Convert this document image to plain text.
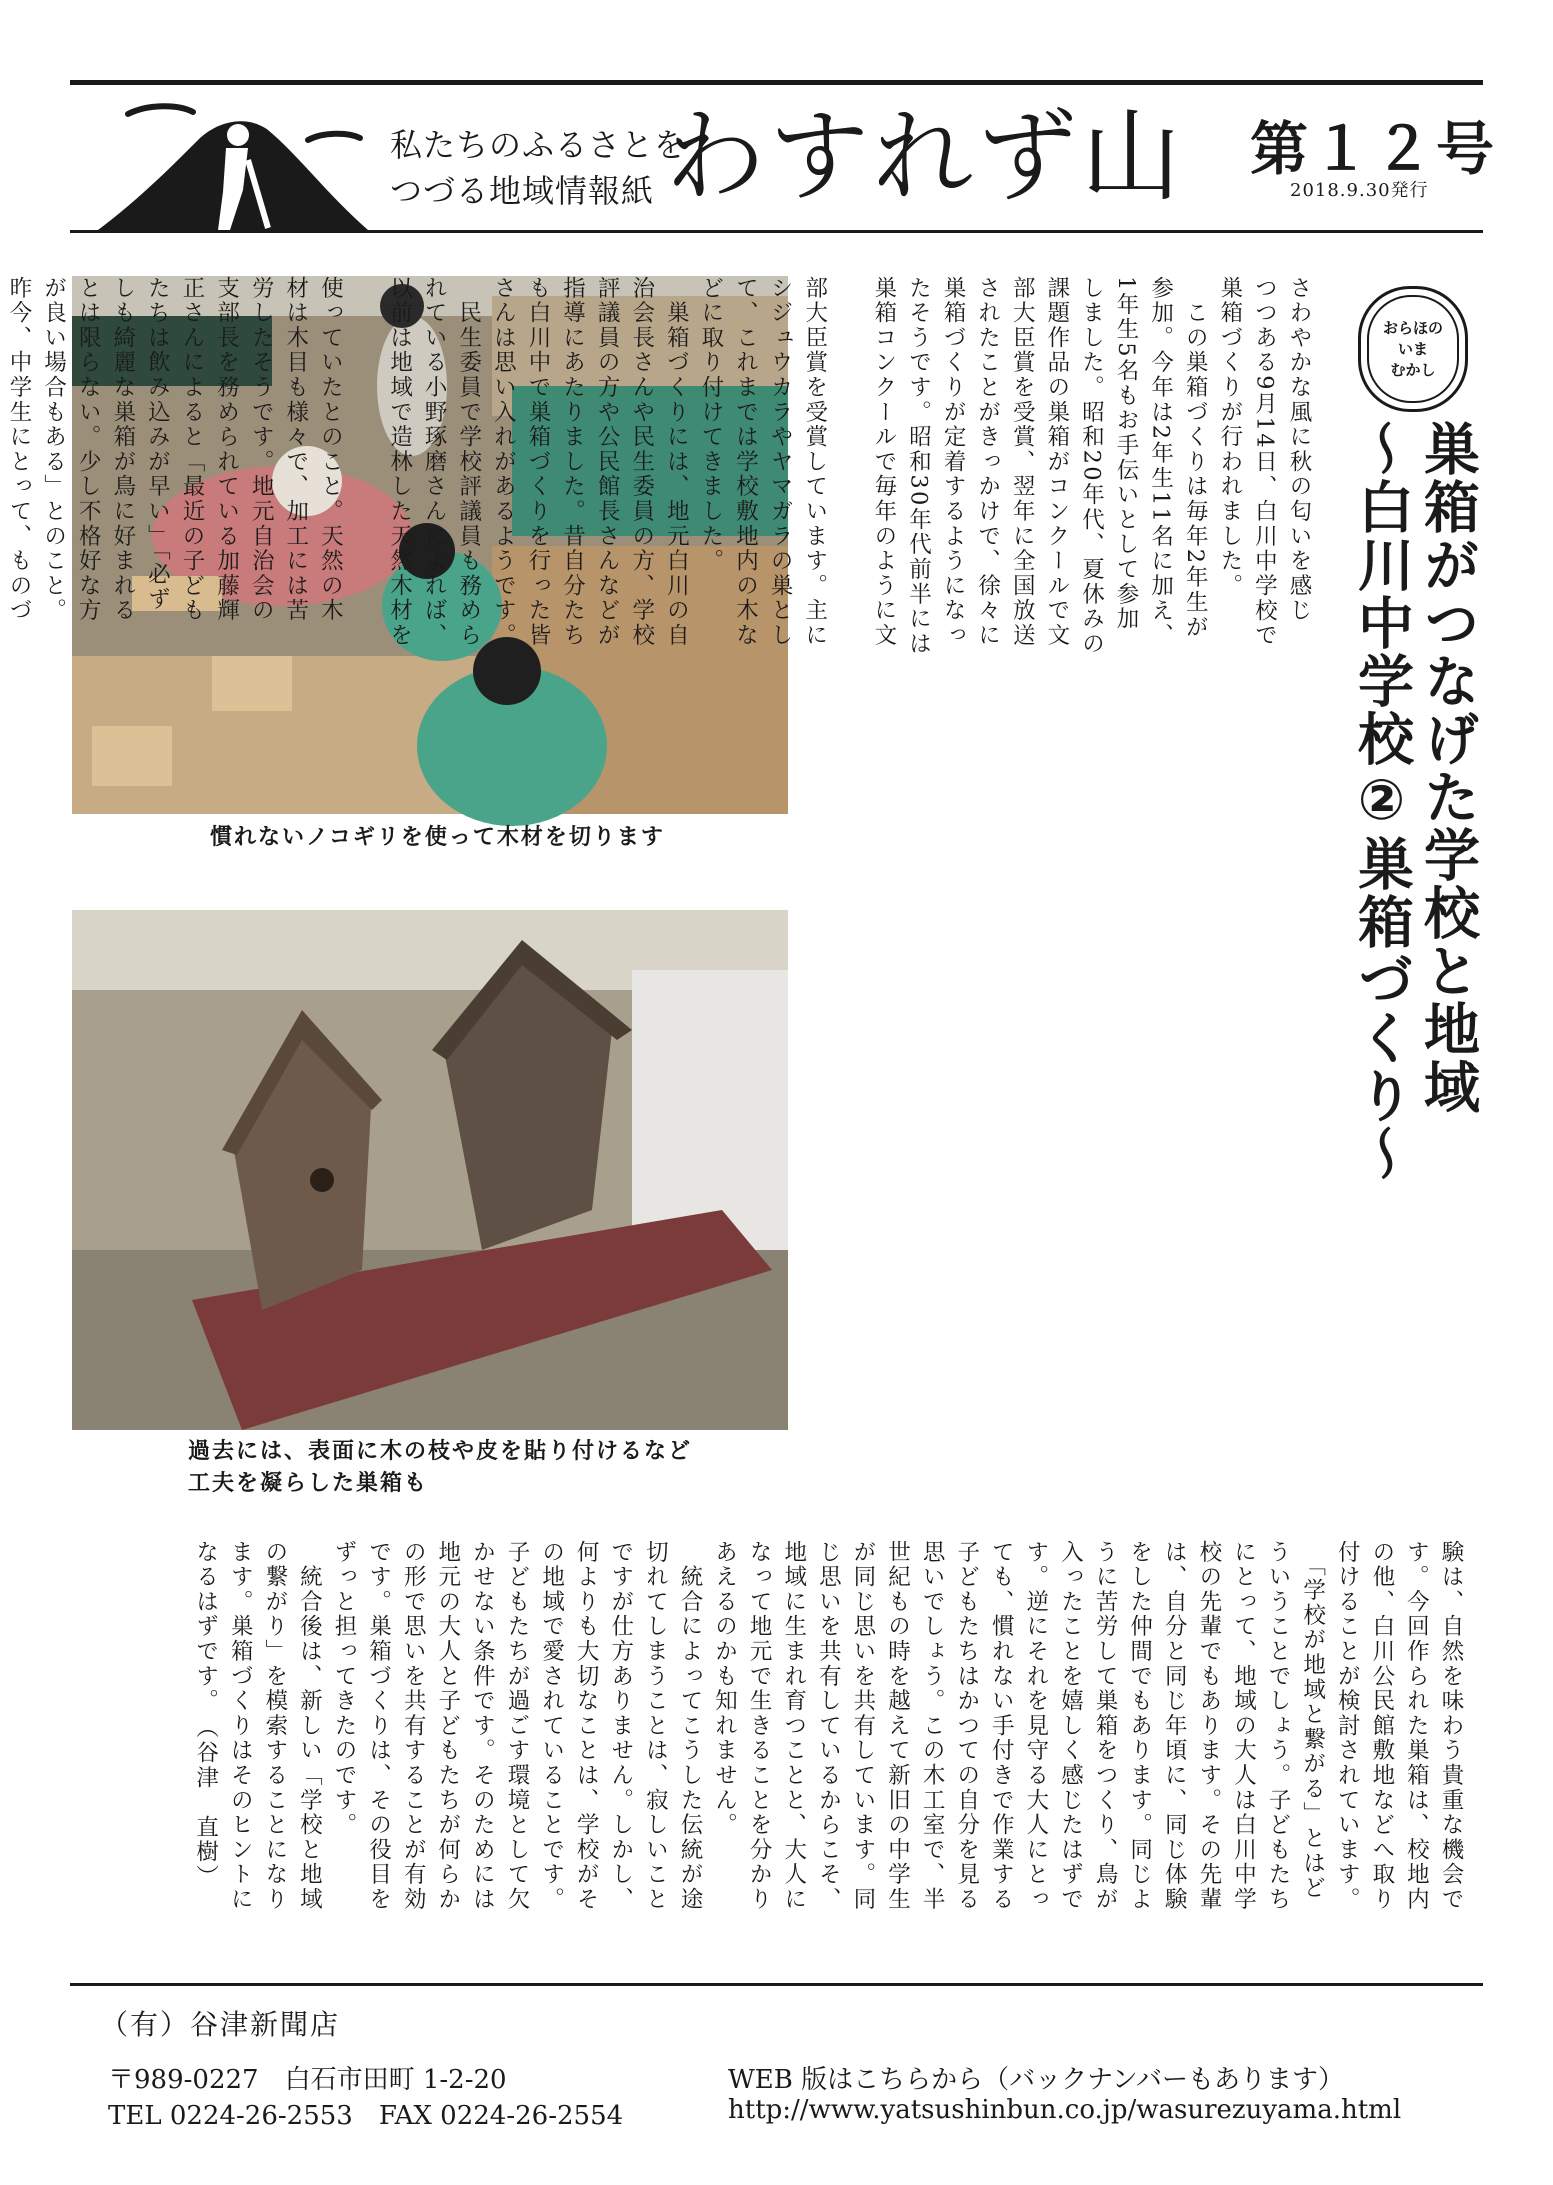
私たちのふるさとを
つづる地域情報紙 わすれず山 第１２号
2018.9.30発行
慣れないノコギリを使って木材を切ります
過去には、表面に木の枝や皮を貼り付けるなど
工夫を凝らした巣箱も
さわやかな風に秋の匂いを感じ
つつある9月14日、白川中学校で
巣箱づくりが行われました。
　この巣箱づくりは毎年2年生が
参加。今年は2年生11名に加え、
1年生5名もお手伝いとして参加
しました。昭和20年代、夏休みの
課題作品の巣箱がコンクールで文
部大臣賞を受賞、翌年に全国放送
されたことがきっかけで、徐々に
巣箱づくりが定着するようになっ
たそうです。昭和30年代前半には
巣箱コンクールで毎年のように文

部大臣賞を受賞しています。主に
シジュウカラやヤマガラの巣とし
て、これまでは学校敷地内の木な
どに取り付けてきました。
　巣箱づくりには、地元白川の自
治会長さんや民生委員の方、学校
評議員の方や公民館長さんなどが
指導にあたりました。昔自分たち
も白川中で巣箱づくりを行った皆
さんは思い入れがあるようです。
　民生委員で学校評議員も務めら
れている小野琢磨さんによれば、
以前は地域で造林した天然木材を

使っていたとのこと。天然の木
材は木目も様々で、加工には苦
労したそうです。地元自治会の
支部長を務められている加藤輝
正さんによると「最近の子ども
たちは飲み込みが早い」「必ず
しも綺麗な巣箱が鳥に好まれる
とは限らない。少し不格好な方
が良い場合もある」とのこと。
昨今、中学生にとって、ものづ	おらほの
いま
むかし
巣箱がつなげた学校と地域
～白川中学校②巣箱づくり～
験は、自然を味わう貴重な機会で
す。今回作られた巣箱は、校地内
の他、白川公民館敷地などへ取り
付けることが検討されています。
　「学校が地域と繋がる」とはど
ういうことでしょう。子どもたち
にとって、地域の大人は白川中学
校の先輩でもあります。その先輩
は、自分と同じ年頃に、同じ体験
をした仲間でもあります。同じよ
うに苦労して巣箱をつくり、鳥が
入ったことを嬉しく感じたはずで
す。逆にそれを見守る大人にとっ
ても、慣れない手付きで作業する
子どもたちはかつての自分を見る
思いでしょう。この木工室で、半
世紀もの時を越えて新旧の中学生
が同じ思いを共有しています。同
じ思いを共有しているからこそ、
地域に生まれ育つことと、大人に
なって地元で生きることを分かり
あえるのかも知れません。
　統合によってこうした伝統が途
切れてしまうことは、寂しいこと
ですが仕方ありません。しかし、
何よりも大切なことは、学校がそ
の地域で愛されていることです。
子どもたちが過ごす環境として欠
かせない条件です。そのためには
地元の大人と子どもたちが何らか
の形で思いを共有することが有効
です。巣箱づくりは、その役目を
ずっと担ってきたのです。
　統合後は、新しい「学校と地域
の繋がり」を模索することになり
ます。巣箱づくりはそのヒントに
なるはずです。　（谷津　直樹）
（有）谷津新聞店
〒989-0227　白石市田町 1-2-20
TEL 0224-26-2553　FAX 0224-26-2554
WEB 版はこちらから（バックナンバーもあります）
http://www.yatsushinbun.co.jp/wasurezuyama.html
